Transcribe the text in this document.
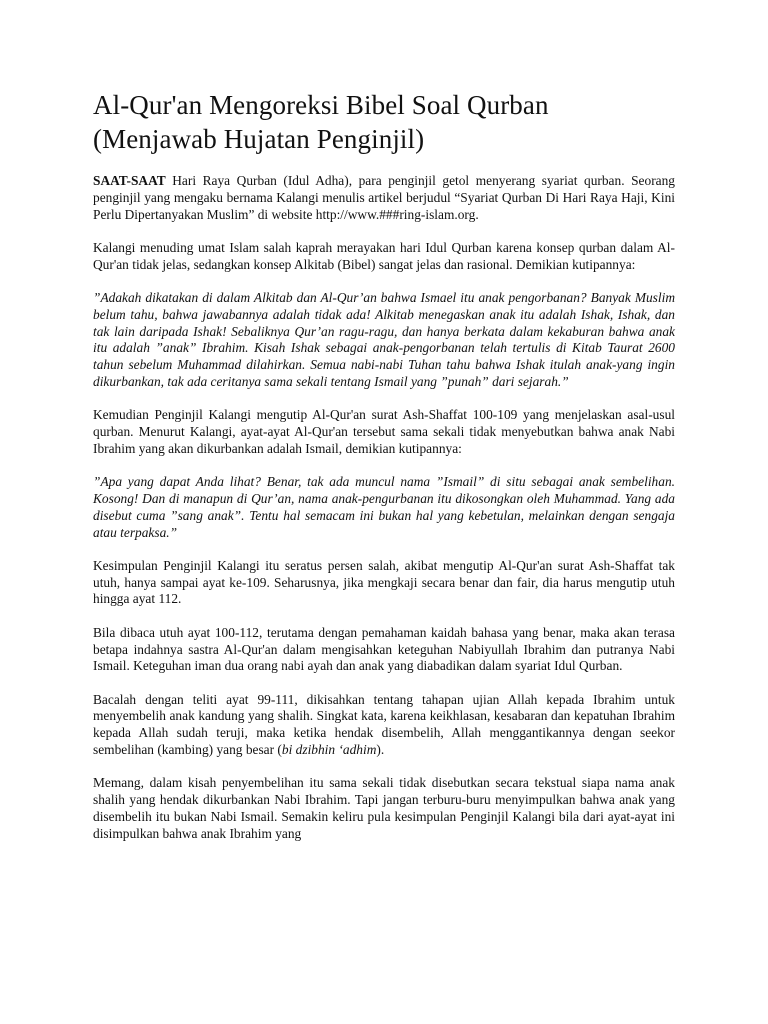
Al-Qur'an Mengoreksi Bibel Soal Qurban
(Menjawab Hujatan Penginjil)

SAAT-SAAT Hari Raya Qurban (Idul Adha), para penginjil getol menyerang syariat qurban. Seorang penginjil yang mengaku bernama Kalangi menulis artikel berjudul “Syariat Qurban Di Hari Raya Haji, Kini Perlu Dipertanyakan Muslim” di website http://www.###ring-islam.org.

Kalangi menuding umat Islam salah kaprah merayakan hari Idul Qurban karena konsep qurban dalam Al-Qur'an tidak jelas, sedangkan konsep Alkitab (Bibel) sangat jelas dan rasional. Demikian kutipannya:

”Adakah dikatakan di dalam Alkitab dan Al-Qur’an bahwa Ismael itu anak pengorbanan? Banyak Muslim belum tahu, bahwa jawabannya adalah tidak ada! Alkitab menegaskan anak itu adalah Ishak, Ishak, dan tak lain daripada Ishak! Sebaliknya Qur’an ragu-ragu, dan hanya berkata dalam kekaburan bahwa anak itu adalah ”anak” Ibrahim. Kisah Ishak sebagai anak-pengorbanan telah tertulis di Kitab Taurat 2600 tahun sebelum Muhammad dilahirkan. Semua nabi-nabi Tuhan tahu bahwa Ishak itulah anak-yang ingin dikurbankan, tak ada ceritanya sama sekali tentang Ismail yang ”punah” dari sejarah.”

Kemudian Penginjil Kalangi mengutip Al-Qur'an surat Ash-Shaffat 100-109 yang menjelaskan asal-usul qurban. Menurut Kalangi, ayat-ayat Al-Qur'an tersebut sama sekali tidak menyebutkan bahwa anak Nabi Ibrahim yang akan dikurbankan adalah Ismail, demikian kutipannya:

”Apa yang dapat Anda lihat? Benar, tak ada muncul nama ”Ismail” di situ sebagai anak sembelihan. Kosong! Dan di manapun di Qur’an, nama anak-pengurbanan itu dikosongkan oleh Muhammad. Yang ada disebut cuma ”sang anak”. Tentu hal semacam ini bukan hal yang kebetulan, melainkan dengan sengaja atau terpaksa.”

Kesimpulan Penginjil Kalangi itu seratus persen salah, akibat mengutip Al-Qur'an surat Ash-Shaffat tak utuh, hanya sampai ayat ke-109. Seharusnya, jika mengkaji secara benar dan fair, dia harus mengutip utuh hingga ayat 112.

Bila dibaca utuh ayat 100-112, terutama dengan pemahaman kaidah bahasa yang benar, maka akan terasa betapa indahnya sastra Al-Qur'an dalam mengisahkan keteguhan Nabiyullah Ibrahim dan putranya Nabi Ismail. Keteguhan iman dua orang nabi ayah dan anak yang diabadikan dalam syariat Idul Qurban.

Bacalah dengan teliti ayat 99-111, dikisahkan tentang tahapan ujian Allah kepada Ibrahim untuk menyembelih anak kandung yang shalih. Singkat kata, karena keikhlasan, kesabaran dan kepatuhan Ibrahim kepada Allah sudah teruji, maka ketika hendak disembelih, Allah menggantikannya dengan seekor sembelihan (kambing) yang besar (bi dzibhin ‘adhim).

Memang, dalam kisah penyembelihan itu sama sekali tidak disebutkan secara tekstual siapa nama anak shalih yang hendak dikurbankan Nabi Ibrahim. Tapi jangan terburu-buru menyimpulkan bahwa anak yang disembelih itu bukan Nabi Ismail. Semakin keliru pula kesimpulan Penginjil Kalangi bila dari ayat-ayat ini disimpulkan bahwa anak Ibrahim yang
